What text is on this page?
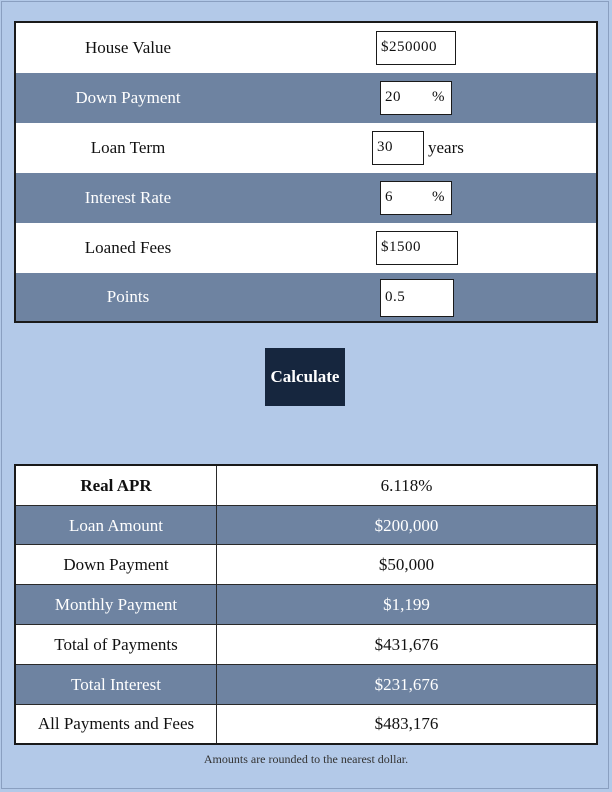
House Value	$250000
Down Payment	20 %
Loan Term	30	years
Interest Rate	6	%
Loaned Fees	$1500
Points	0.5
Calculate
Real APR	6.118%
Loan Amount	$200,000
Down Payment	$50,000
Monthly Payment	$1,199
Total of Payments	$431,676
Total Interest	$231,676
All Payments and Fees	$483,176
Amounts are rounded to the nearest dollar.
